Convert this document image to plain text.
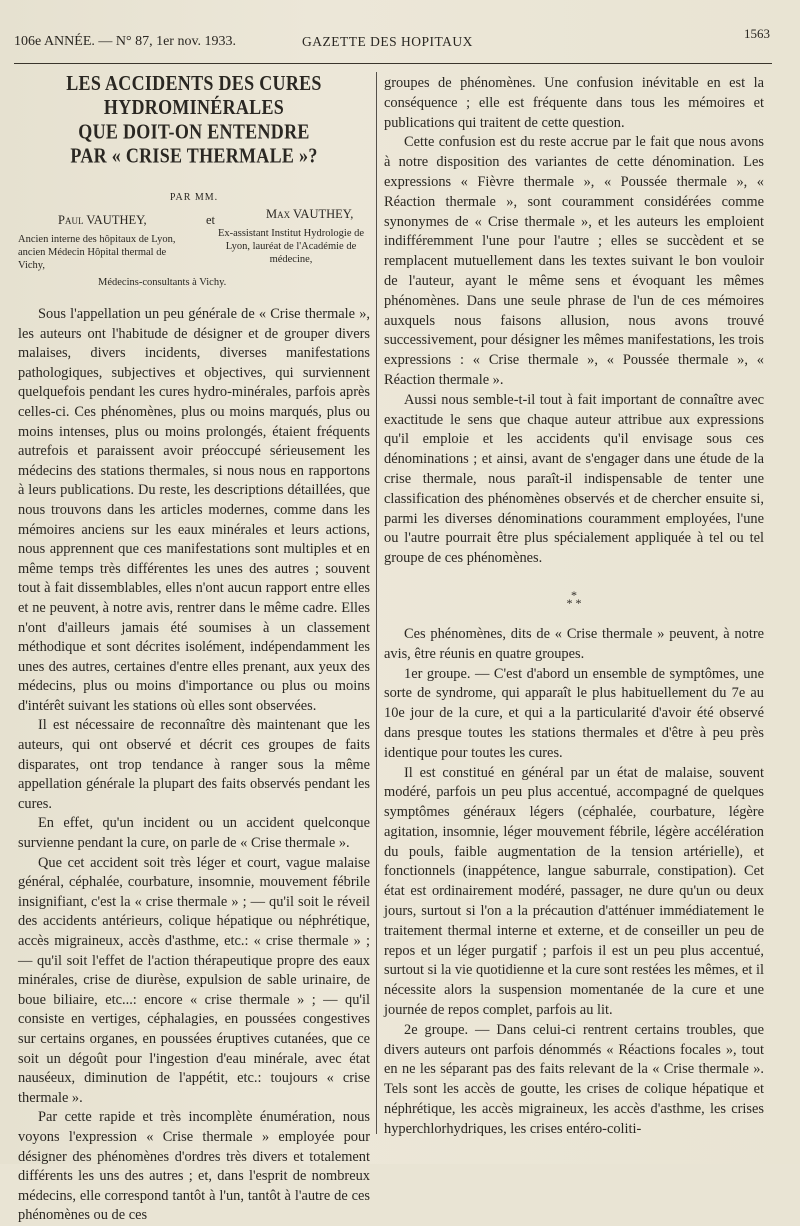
106e ANNÉE. — N° 87, 1er nov. 1933.	GAZETTE DES HOPITAUX
1563
LES ACCIDENTS DES CURES HYDROMINÉRALES
QUE DOIT-ON ENTENDRE
PAR « CRISE THERMALE »?
PAR MM.
Paul VAUTHEY,	et	Max VAUTHEY,
Ancien interne des hôpitaux de Lyon, ancien Médecin Hôpital thermal de Vichy,
Ex-assistant Institut Hydrologie de Lyon, lauréat de l'Académie de médecine,
Médecins-consultants à Vichy.

Sous l'appellation un peu générale de « Crise thermale », les auteurs ont l'habitude de désigner et de grouper divers malaises, divers incidents, diverses manifestations pathologiques, subjectives et objectives, qui surviennent quelquefois pendant les cures hydro-minérales, parfois après celles-ci. Ces phénomènes, plus ou moins marqués, plus ou moins intenses, plus ou moins prolongés, étaient fréquents autrefois et paraissent avoir préoccupé sérieusement les médecins des stations thermales, si nous nous en rapportons à leurs publications. Du reste, les descriptions détaillées, que nous trouvons dans les articles modernes, comme dans les mémoires anciens sur les eaux minérales et leurs actions, nous apprennent que ces manifestations sont multiples et en même temps très différentes les unes des autres ; souvent tout à fait dissemblables, elles n'ont aucun rapport entre elles et ne peuvent, à notre avis, rentrer dans le même cadre. Elles n'ont d'ailleurs jamais été soumises à un classement méthodique et sont décrites isolément, indépendamment les unes des autres, certaines d'entre elles prenant, aux yeux des médecins, plus ou moins d'importance ou plus ou moins d'intérêt suivant les stations où elles sont observées.

Il est nécessaire de reconnaître dès maintenant que les auteurs, qui ont observé et décrit ces groupes de faits disparates, ont trop tendance à ranger sous la même appellation générale la plupart des faits observés pendant les cures.

En effet, qu'un incident ou un accident quelconque survienne pendant la cure, on parle de « Crise thermale ».

Que cet accident soit très léger et court, vague malaise général, céphalée, courbature, insomnie, mouvement fébrile insignifiant, c'est la « crise thermale » ; — qu'il soit le réveil des accidents antérieurs, colique hépatique ou néphrétique, accès migraineux, accès d'asthme, etc.: « crise thermale » ; — qu'il soit l'effet de l'action thérapeutique propre des eaux minérales, crise de diurèse, expulsion de sable urinaire, de boue biliaire, etc...: encore « crise thermale » ; — qu'il consiste en vertiges, céphalagies, en poussées congestives sur certains organes, en poussées éruptives cutanées, que ce soit un dégoût pour l'ingestion d'eau minérale, avec état nauséeux, diminution de l'appétit, etc.: toujours « crise thermale ».

Par cette rapide et très incomplète énumération, nous voyons l'expression « Crise thermale » employée pour désigner des phénomènes d'ordres très divers et totalement différents les uns des autres ; et, dans l'esprit de nombreux médecins, elle correspond tantôt à l'un, tantôt à l'autre de ces phénomènes ou de ces

groupes de phénomènes. Une confusion inévitable en est la conséquence ; elle est fréquente dans tous les mémoires et publications qui traitent de cette question.

Cette confusion est du reste accrue par le fait que nous avons à notre disposition des variantes de cette dénomination. Les expressions « Fièvre thermale », « Poussée thermale », « Réaction thermale », sont couramment considérées comme synonymes de « Crise thermale », et les auteurs les emploient indifféremment l'une pour l'autre ; elles se succèdent et se remplacent mutuellement dans les textes suivant le bon vouloir de l'auteur, ayant le même sens et évoquant les mêmes phénomènes. Dans une seule phrase de l'un de ces mémoires auxquels nous faisons allusion, nous avons trouvé successivement, pour désigner les mêmes manifestations, les trois expressions : « Crise thermale », « Poussée thermale », « Réaction thermale ».

Aussi nous semble-t-il tout à fait important de connaître avec exactitude le sens que chaque auteur attribue aux expressions qu'il emploie et les accidents qu'il envisage sous ces dénominations ; et ainsi, avant de s'engager dans une étude de la crise thermale, nous paraît-il indispensable de tenter une classification des phénomènes observés et de chercher ensuite si, parmi les diverses dénominations couramment employées, l'une ou l'autre pourrait être plus spécialement appliquée à tel ou tel groupe de ces phénomènes.

*
* *

Ces phénomènes, dits de « Crise thermale » peuvent, à notre avis, être réunis en quatre groupes.

1er groupe. — C'est d'abord un ensemble de symptômes, une sorte de syndrome, qui apparaît le plus habituellement du 7e au 10e jour de la cure, et qui a la particularité d'avoir été observé dans presque toutes les stations thermales et d'être à peu près identique pour toutes les cures.

Il est constitué en général par un état de malaise, souvent modéré, parfois un peu plus accentué, accompagné de quelques symptômes généraux légers (céphalée, courbature, légère agitation, insomnie, léger mouvement fébrile, légère accélération du pouls, faible augmentation de la tension artérielle), et fonctionnels (inappétence, langue saburrale, constipation). Cet état est ordinairement modéré, passager, ne dure qu'un ou deux jours, surtout si l'on a la précaution d'atténuer immédiatement le traitement thermal interne et externe, et de conseiller un peu de repos et un léger purgatif ; parfois il est un peu plus accentué, surtout si la vie quotidienne et la cure sont restées les mêmes, et il nécessite alors la suspension momentanée de la cure et une journée de repos complet, parfois au lit.

2e groupe. — Dans celui-ci rentrent certains troubles, que divers auteurs ont parfois dénommés « Réactions focales », tout en ne les séparant pas des faits relevant de la « Crise thermale ». Tels sont les accès de goutte, les crises de colique hépatique et néphrétique, les accès migraineux, les accès d'asthme, les crises hyperchlorhydriques, les crises entéro-coliti-
